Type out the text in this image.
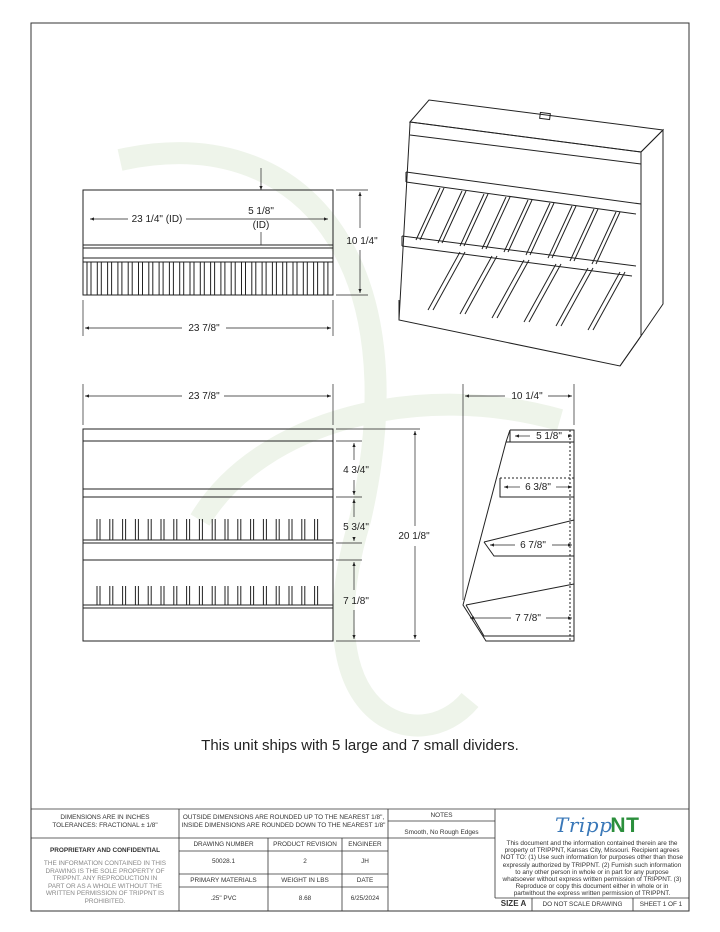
23 1/4" (ID)
5 1/8"
(ID)
10 1/4"
23 7/8"
23 7/8"
4 3/4"
5 3/4"
7 1/8"
20 1/8"
10 1/4"
5 1/8"
6 3/8"
6 7/8"
7 7/8"
This unit ships with 5 large and 7 small dividers.
DIMENSIONS ARE IN INCHES
TOLERANCES: FRACTIONAL ± 1/8"
OUTSIDE DIMENSIONS ARE ROUNDED UP TO THE NEAREST 1/8",
INSIDE DIMENSIONS ARE ROUNDED DOWN TO THE NEAREST 1/8"
NOTES
Smooth, No Rough Edges
PROPRIETARY AND CONFIDENTIAL
THE INFORMATION CONTAINED IN THIS
DRAWING IS THE SOLE PROPERTY OF
TRIPPNT. ANY REPRODUCTION IN
PART OR AS A WHOLE WITHOUT THE
WRITTEN PERMISSION OF TRIPPNT IS
PROHIBITED.
DRAWING NUMBER	PRODUCT REVISION	ENGINEER
50028.1	2	JH
PRIMARY MATERIALS	WEIGHT IN LBS	DATE
.25" PVC	8.68	6/25/2024
TrippNT
This document and the information contained therein are the
property of TRIPPNT, Kansas City, Missouri. Recipient agrees
NOT TO: (1) Use such information for purposes other than those
expressly authorized by TRIPPNT. (2) Furnish such information
to any other person in whole or in part for any purpose
whatsoever without express written permission of TRIPPNT. (3)
Reproduce or copy this document either in whole or in
partwithout the express written permission of TRIPPNT.
SIZE A	DO NOT SCALE DRAWING	SHEET 1 OF 1
